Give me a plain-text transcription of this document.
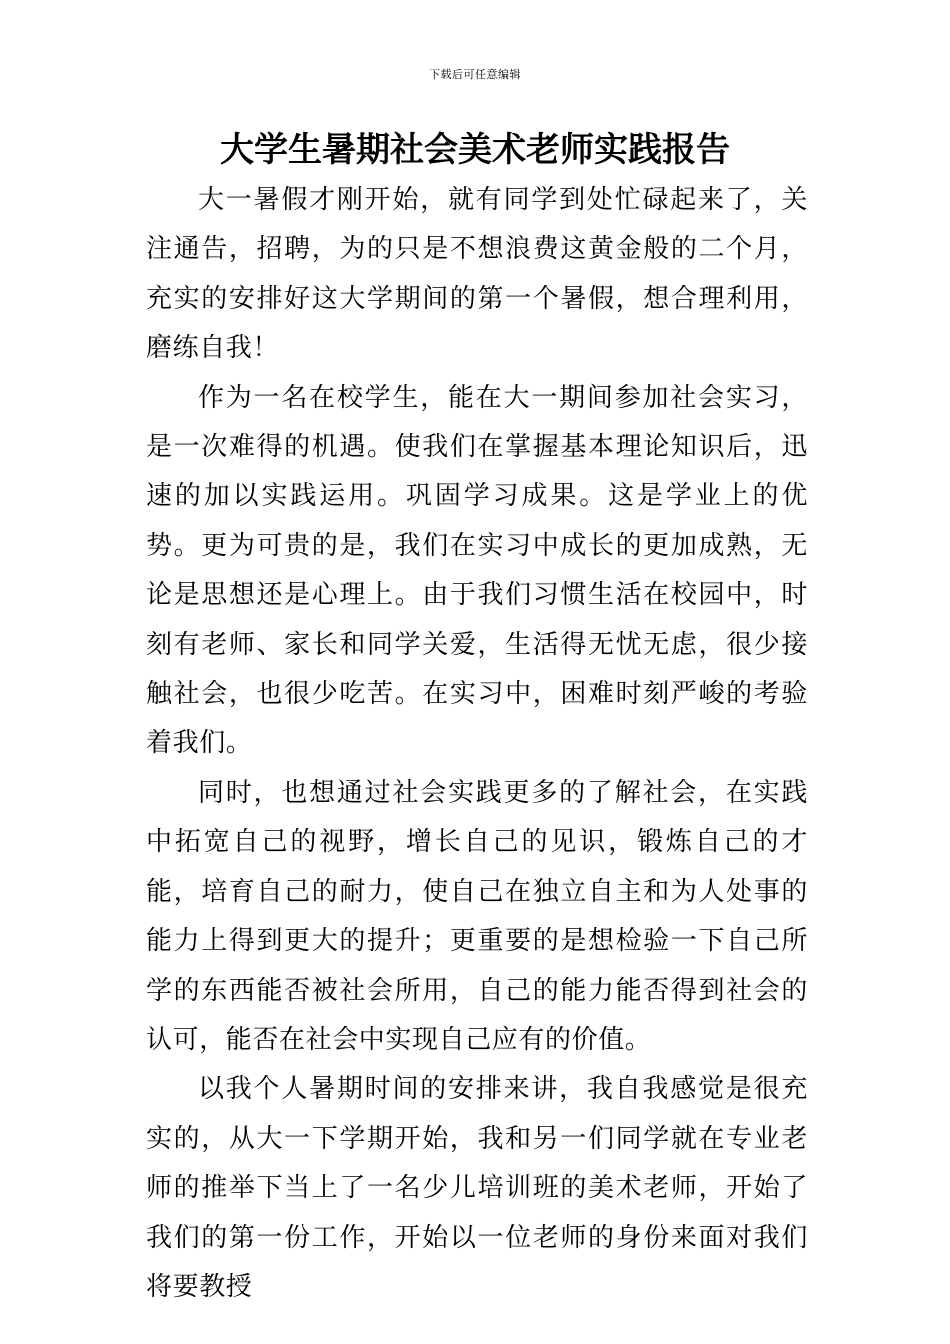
下载后可任意编辑
大学生暑期社会美术老师实践报告

大一暑假才刚开始，就有同学到处忙碌起来了，关注通告，招聘，为的只是不想浪费这黄金般的二个月，充实的安排好这大学期间的第一个暑假，想合理利用，磨练自我！

作为一名在校学生，能在大一期间参加社会实习，是一次难得的机遇。使我们在掌握基本理论知识后，迅速的加以实践运用。巩固学习成果。这是学业上的优势。更为可贵的是，我们在实习中成长的更加成熟，无论是思想还是心理上。由于我们习惯生活在校园中，时刻有老师、家长和同学关爱，生活得无忧无虑，很少接触社会，也很少吃苦。在实习中，困难时刻严峻的考验着我们。

同时，也想通过社会实践更多的了解社会，在实践中拓宽自己的视野，增长自己的见识，锻炼自己的才能，培育自己的耐力，使自己在独立自主和为人处事的能力上得到更大的提升；更重要的是想检验一下自己所学的东西能否被社会所用，自己的能力能否得到社会的认可，能否在社会中实现自己应有的价值。

以我个人暑期时间的安排来讲，我自我感觉是很充实的，从大一下学期开始，我和另一们同学就在专业老师的推举下当上了一名少儿培训班的美术老师，开始了我们的第一份工作，开始以一位老师的身份来面对我们将要教授
